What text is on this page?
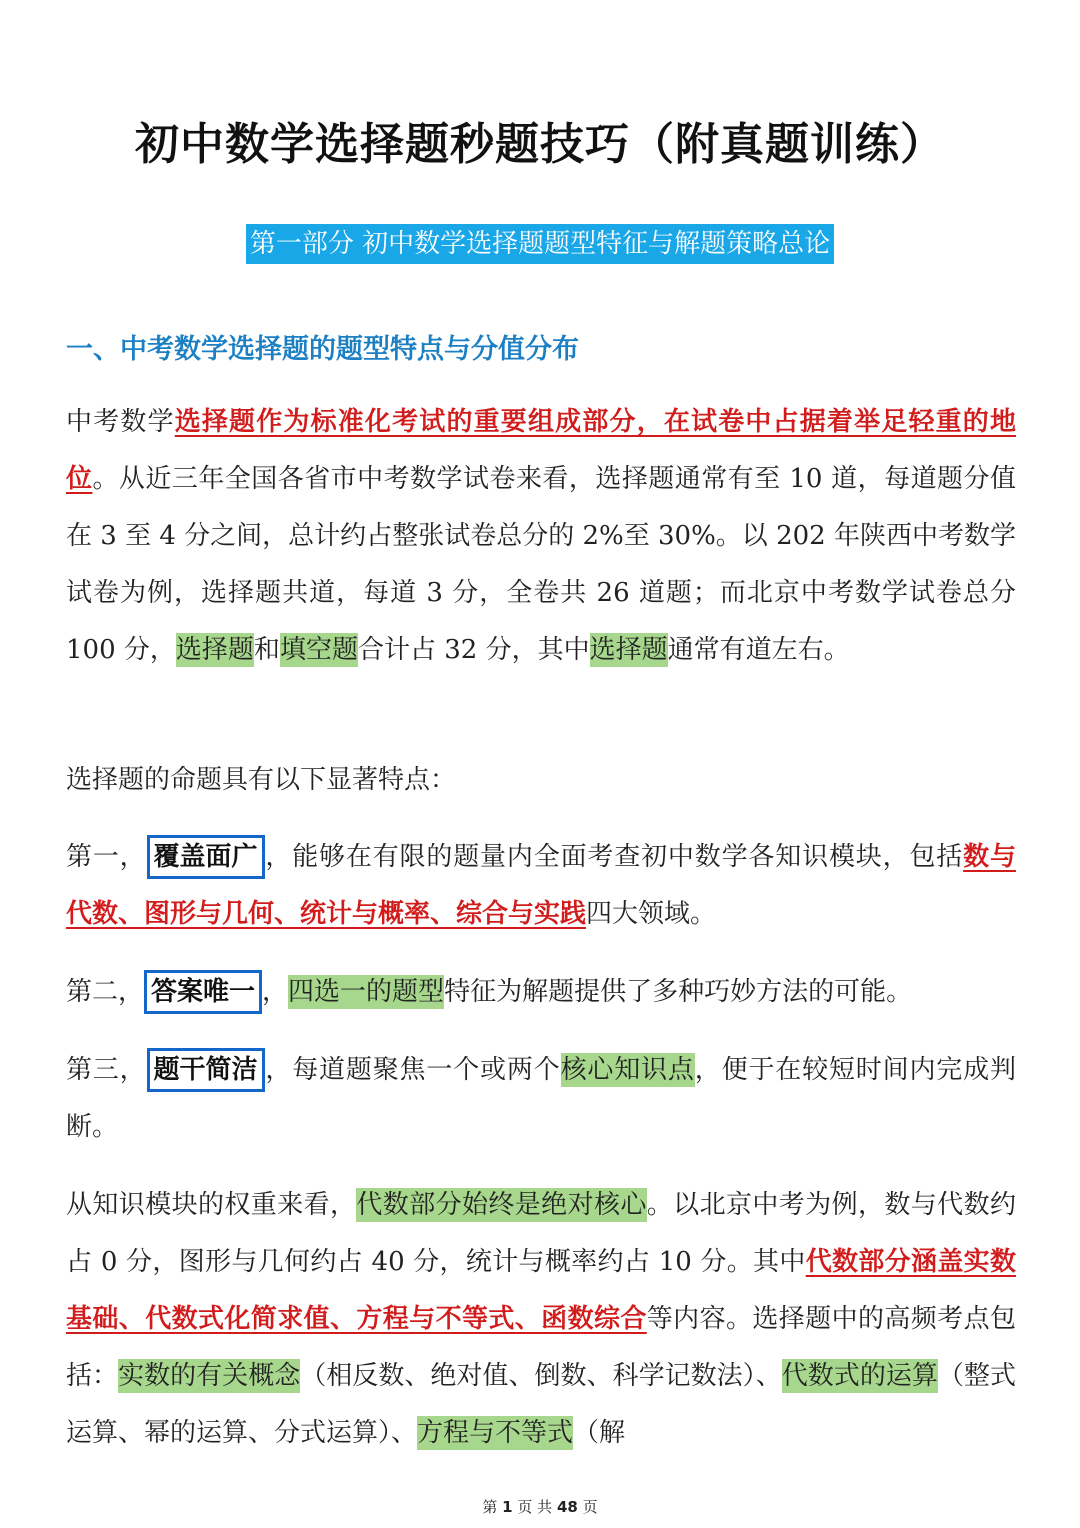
初中数学选择题秒题技巧（附真题训练）
第一部分 初中数学选择题题型特征与解题策略总论
一、中考数学选择题的题型特点与分值分布
中考数学选择题作为标准化考试的重要组成部分，在试卷中占据着举足轻重的地位。从近三年全国各省市中考数学试卷来看，选择题通常有至 10 道，每道题分值在 3 至 4 分之间，总计约占整张试卷总分的 2%至 30%。以 202 年陕西中考数学试卷为例，选择题共道，每道 3 分，全卷共 26 道题；而北京中考数学试卷总分 100 分，选择题和填空题合计占 32 分，其中选择题通常有道左右。
选择题的命题具有以下显著特点：
第一， 覆盖面广 ，能够在有限的题量内全面考查初中数学各知识模块，包括数与代数、图形与几何、统计与概率、综合与实践四大领域。
第二， 答案唯一 ，四选一的题型特征为解题提供了多种巧妙方法的可能。
第三， 题干简洁 ，每道题聚焦一个或两个核心知识点，便于在较短时间内完成判断。
从知识模块的权重来看，代数部分始终是绝对核心。以北京中考为例，数与代数约占 0 分，图形与几何约占 40 分，统计与概率约占 10 分。其中代数部分涵盖实数基础、代数式化简求值、方程与不等式、函数综合等内容。选择题中的高频考点包括：实数的有关概念（相反数、绝对值、倒数、科学记数法）、代数式的运算（整式运算、幂的运算、分式运算）、方程与不等式（解
第 1 页 共 48 页
